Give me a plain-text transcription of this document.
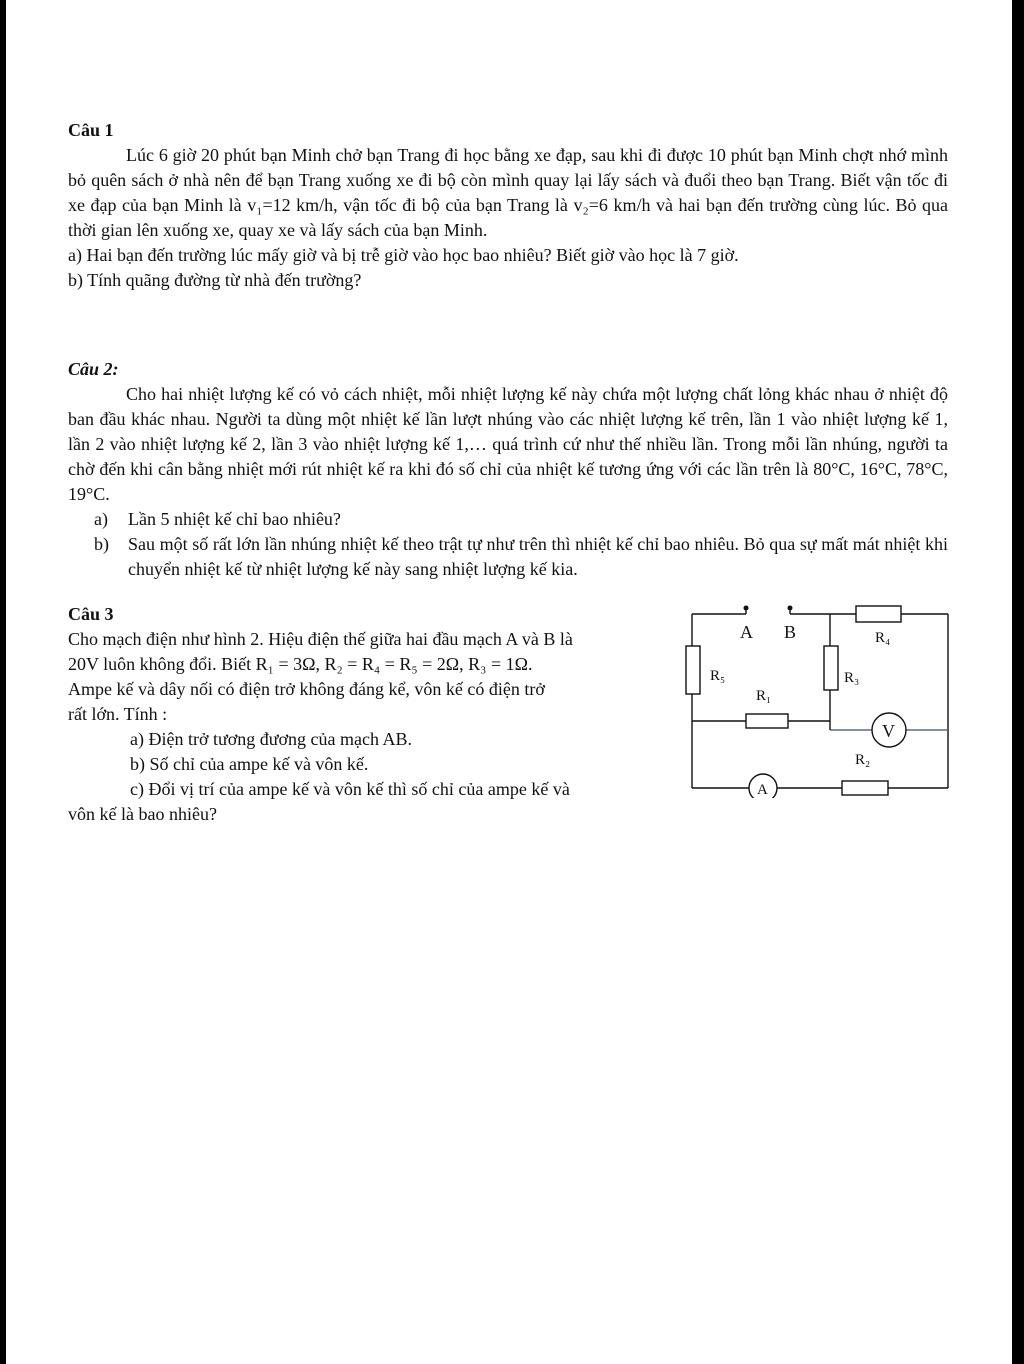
Câu 1

Lúc 6 giờ 20 phút bạn Minh chở bạn Trang đi học bằng xe đạp, sau khi đi được 10 phút bạn Minh chợt nhớ mình bỏ quên sách ở nhà nên để bạn Trang xuống xe đi bộ còn mình quay lại lấy sách và đuổi theo bạn Trang. Biết vận tốc đi xe đạp của bạn Minh là v₁=12 km/h, vận tốc đi bộ của bạn Trang là v₂=6 km/h và hai bạn đến trường cùng lúc. Bỏ qua thời gian lên xuống xe, quay xe và lấy sách của bạn Minh.

a) Hai bạn đến trường lúc mấy giờ và bị trễ giờ vào học bao nhiêu? Biết giờ vào học là 7 giờ.

b) Tính quãng đường từ nhà đến trường?

Câu 2:

Cho hai nhiệt lượng kế có vỏ cách nhiệt, mỗi nhiệt lượng kế này chứa một lượng chất lỏng khác nhau ở nhiệt độ ban đầu khác nhau. Người ta dùng một nhiệt kế lần lượt nhúng vào các nhiệt lượng kế trên, lần 1 vào nhiệt lượng kế 1, lần 2 vào nhiệt lượng kế 2, lần 3 vào nhiệt lượng kế 1,… quá trình cứ như thế nhiều lần. Trong mỗi lần nhúng, người ta chờ đến khi cân bằng nhiệt mới rút nhiệt kế ra khi đó số chỉ của nhiệt kế tương ứng với các lần trên là 80°C, 16°C, 78°C, 19°C.

a)	Lần 5 nhiệt kế chỉ bao nhiêu?
b)	Sau một số rất lớn lần nhúng nhiệt kế theo trật tự như trên thì nhiệt kế chỉ bao nhiêu. Bỏ qua sự mất mát nhiệt khi chuyển nhiệt kế từ nhiệt lượng kế này sang nhiệt lượng kế kia.

Câu 3

Cho mạch điện như hình 2. Hiệu điện thế giữa hai đầu mạch A và B là

20V luôn không đổi. Biết R₁ = 3Ω, R₂ = R₄ = R₅ = 2Ω, R₃ = 1Ω.

Ampe kế và dây nối có điện trở không đáng kể, vôn kế có điện trở

rất lớn. Tính :

a) Điện trở tương đương của mạch AB.

b) Số chỉ của ampe kế và vôn kế.

c) Đổi vị trí của ampe kế và vôn kế thì số chỉ của ampe kế và

vôn kế là bao nhiêu?

A B	R₄
R₃
R₅
R₁
R₂
V
A
